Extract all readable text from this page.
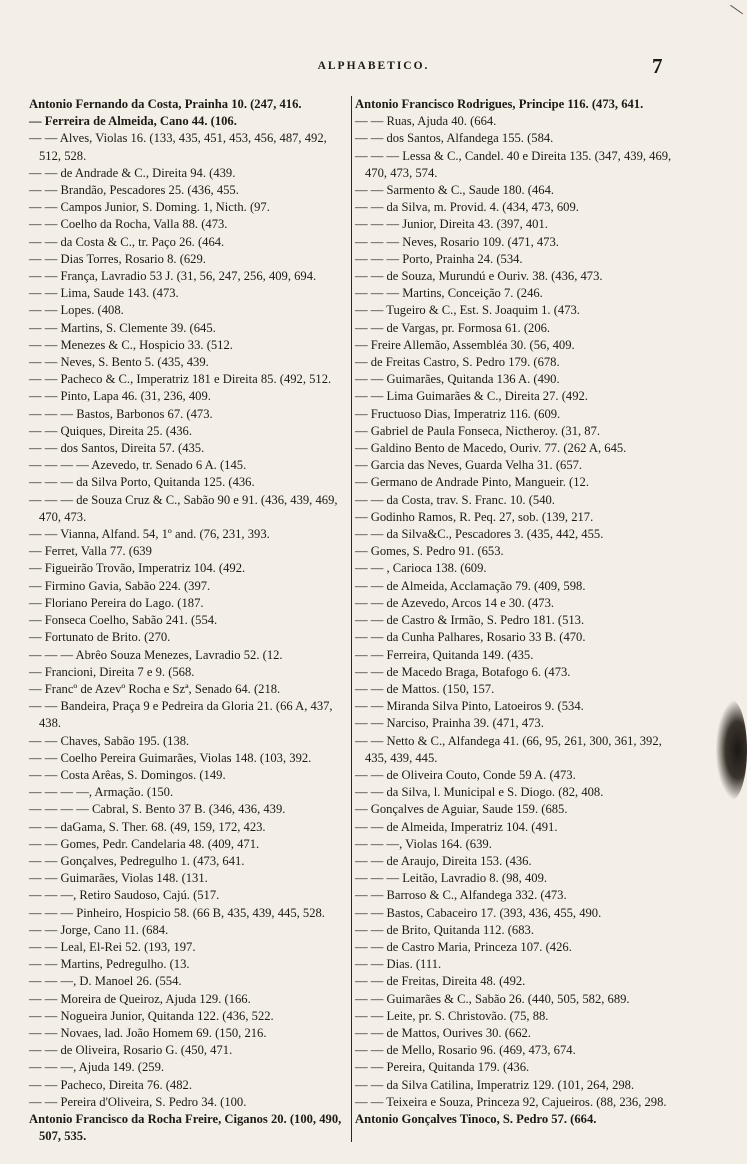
ALPHABETICO.	7
Antonio Fernando da Costa, Prainha 10. (247, 416.
— Ferreira de Almeida, Cano 44. (106.
— — Alves, Violas 16. (133, 435, 451, 453, 456, 487, 492, 512, 528.
— — de Andrade & C., Direita 94. (439.
— — Brandão, Pescadores 25. (436, 455.
— — Campos Junior, S. Doming. 1, Nicth. (97.
— — Coelho da Rocha, Valla 88. (473.
— — da Costa & C., tr. Paço 26. (464.
— — Dias Torres, Rosario 8. (629.
— — França, Lavradio 53 J. (31, 56, 247, 256, 409, 694.
— — Lima, Saude 143. (473.
— — Lopes. (408.
— — Martins, S. Clemente 39. (645.
— — Menezes & C., Hospicio 33. (512.
— — Neves, S. Bento 5. (435, 439.
— — Pacheco & C., Imperatriz 181 e Direita 85. (492, 512.
— — Pinto, Lapa 46. (31, 236, 409.
— — — Bastos, Barbonos 67. (473.
— — Quiques, Direita 25. (436.
— — dos Santos, Direita 57. (435.
— — — — Azevedo, tr. Senado 6 A. (145.
— — — da Silva Porto, Quitanda 125. (436.
— — — de Souza Cruz & C., Sabão 90 e 91. (436, 439, 469, 470, 473.
— — Vianna, Alfand. 54, 1º and. (76, 231, 393.
— Ferret, Valla 77. (639
— Figueirão Trovão, Imperatriz 104. (492.
— Firmino Gavia, Sabão 224. (397.
— Floriano Pereira do Lago. (187.
— Fonseca Coelho, Sabão 241. (554.
— Fortunato de Brito. (270.
— — — Abrêo Souza Menezes, Lavradio 52. (12.
— Francioni, Direita 7 e 9. (568.
— Francº de Azevº Rocha e Szª, Senado 64. (218.
— — Bandeira, Praça 9 e Pedreira da Gloria 21. (66 A, 437, 438.
— — Chaves, Sabão 195. (138.
— — Coelho Pereira Guimarães, Violas 148. (103, 392.
— — Costa Arêas, S. Domingos. (149.
— — — —, Armação. (150.
— — — — Cabral, S. Bento 37 B. (346, 436, 439.
— — daGama, S. Ther. 68. (49, 159, 172, 423.
— — Gomes, Pedr. Candelaria 48. (409, 471.
— — Gonçalves, Pedregulho 1. (473, 641.
— — Guimarães, Violas 148. (131.
— — —, Retiro Saudoso, Cajú. (517.
— — — Pinheiro, Hospicio 58. (66 B, 435, 439, 445, 528.
— — Jorge, Cano 11. (684.
— — Leal, El-Rei 52. (193, 197.
— — Martins, Pedregulho. (13.
— — —, D. Manoel 26. (554.
— — Moreira de Queiroz, Ajuda 129. (166.
— — Nogueira Junior, Quitanda 122. (436, 522.
— — Novaes, lad. João Homem 69. (150, 216.
— — de Oliveira, Rosario G. (450, 471.
— — —, Ajuda 149. (259.
— — Pacheco, Direita 76. (482.
— — Pereira d'Oliveira, S. Pedro 34. (100.
Antonio Francisco da Rocha Freire, Ciganos 20. (100, 490, 507, 535.
Antonio Francisco Rodrigues, Principe 116. (473, 641.
— — Ruas, Ajuda 40. (664.
— — dos Santos, Alfandega 155. (584.
— — — Lessa & C., Candel. 40 e Direita 135. (347, 439, 469, 470, 473, 574.
— — Sarmento & C., Saude 180. (464.
— — da Silva, m. Provid. 4. (434, 473, 609.
— — — Junior, Direita 43. (397, 401.
— — — Neves, Rosario 109. (471, 473.
— — — Porto, Prainha 24. (534.
— — de Souza, Murundú e Ouriv. 38. (436, 473.
— — — Martins, Conceição 7. (246.
— — Tugeiro & C., Est. S. Joaquim 1. (473.
— — de Vargas, pr. Formosa 61. (206.
— Freire Allemão, Assembléa 30. (56, 409.
— de Freitas Castro, S. Pedro 179. (678.
— — Guimarães, Quitanda 136 A. (490.
— — Lima Guimarães & C., Direita 27. (492.
— Fructuoso Dias, Imperatriz 116. (609.
— Gabriel de Paula Fonseca, Nictheroy. (31, 87.
— Galdino Bento de Macedo, Ouriv. 77. (262 A, 645.
— Garcia das Neves, Guarda Velha 31. (657.
— Germano de Andrade Pinto, Mangueir. (12.
— — da Costa, trav. S. Franc. 10. (540.
— Godinho Ramos, R. Peq. 27, sob. (139, 217.
— — da Silva&C., Pescadores 3. (435, 442, 455.
— Gomes, S. Pedro 91. (653.
— — , Carioca 138. (609.
— — de Almeida, Acclamação 79. (409, 598.
— — de Azevedo, Arcos 14 e 30. (473.
— — de Castro & Irmão, S. Pedro 181. (513.
— — da Cunha Palhares, Rosario 33 B. (470.
— — Ferreira, Quitanda 149. (435.
— — de Macedo Braga, Botafogo 6. (473.
— — de Mattos. (150, 157.
— — Miranda Silva Pinto, Latoeiros 9. (534.
— — Narciso, Prainha 39. (471, 473.
— — Netto & C., Alfandega 41. (66, 95, 261, 300, 361, 392, 435, 439, 445.
— — de Oliveira Couto, Conde 59 A. (473.
— — da Silva, l. Municipal e S. Diogo. (82, 408.
— Gonçalves de Aguiar, Saude 159. (685.
— — de Almeida, Imperatriz 104. (491.
— — —, Violas 164. (639.
— — de Araujo, Direita 153. (436.
— — — Leitão, Lavradio 8. (98, 409.
— — Barroso & C., Alfandega 332. (473.
— — Bastos, Cabaceiro 17. (393, 436, 455, 490.
— — de Brito, Quitanda 112. (683.
— — de Castro Maria, Princeza 107. (426.
— — Dias. (111.
— — de Freitas, Direita 48. (492.
— — Guimarães & C., Sabão 26. (440, 505, 582, 689.
— — Leite, pr. S. Christovão. (75, 88.
— — de Mattos, Ourives 30. (662.
— — de Mello, Rosario 96. (469, 473, 674.
— — Pereira, Quitanda 179. (436.
— — da Silva Catilina, Imperatriz 129. (101, 264, 298.
— — Teixeira e Souza, Princeza 92, Cajueiros. (88, 236, 298.
Antonio Gonçalves Tinoco, S. Pedro 57. (664.
